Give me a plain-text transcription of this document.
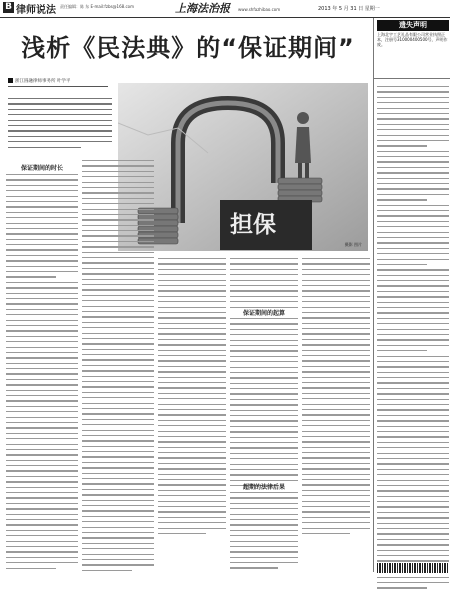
B 律师说法 责任编辑：陈 东 E-mail:fzbs@168.com	上海法治报 www.shfazhibao.com	2013 年 5 月 31 日 星期一
遗失声明
上海北宇工艺礼品有限公司营业执照正本，注册号310000400500号，声明作废。
浅析《民法典》的“保证期间”
浙江圆融律师事务所 叶学平
摄影 图片
担保
保证期间的时长
保证期间的起算
超期的法律后果
